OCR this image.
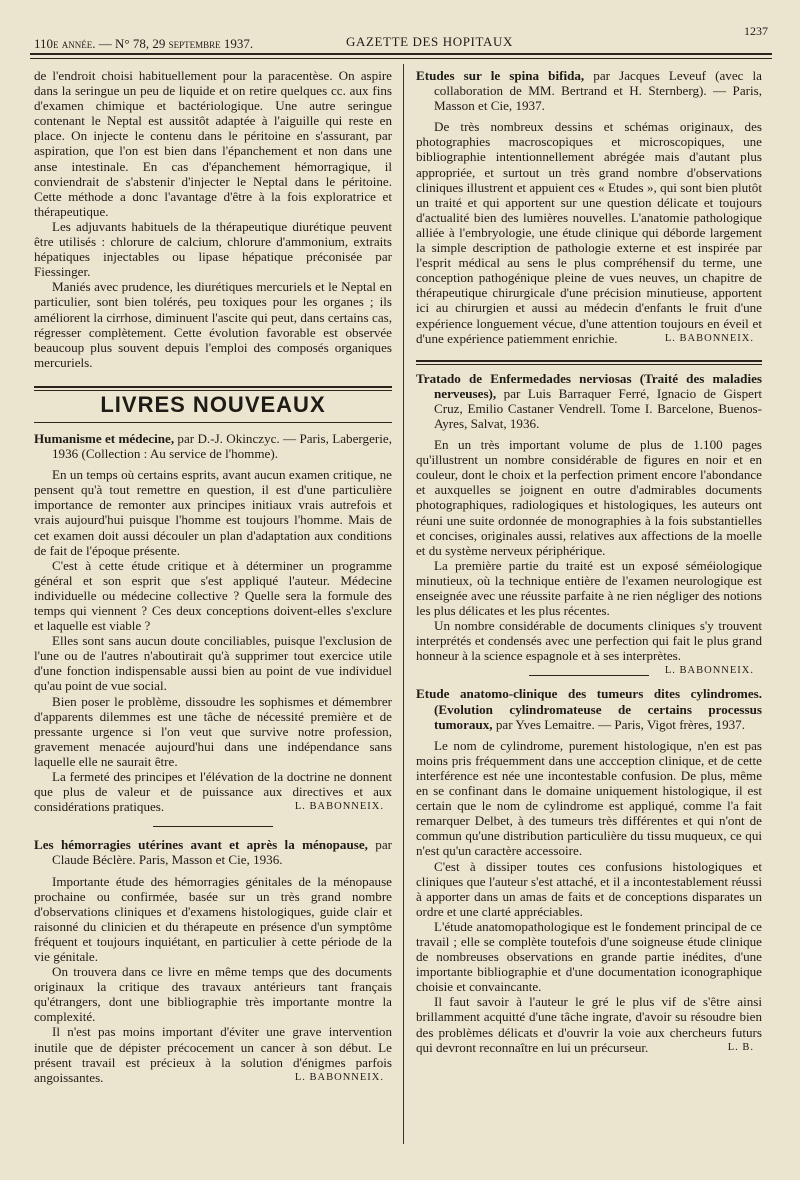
110e année. — N° 78, 29 septembre 1937.	GAZETTE DES HOPITAUX
1237

de l'endroit choisi habituellement pour la paracentèse. On aspire dans la seringue un peu de liquide et on retire quelques cc. aux fins d'examen chimique et bactériologique. Une autre seringue contenant le Neptal est aussitôt adaptée à l'aiguille qui reste en place. On injecte le contenu dans le péritoine en s'assurant, par aspiration, que l'on est bien dans l'épanchement et non dans une anse intestinale. En cas d'épanchement hémorragique, il conviendrait de s'abstenir d'injecter le Neptal dans le péritoine. Cette méthode a donc l'avantage d'être à la fois exploratrice et thérapeutique.

Les adjuvants habituels de la thérapeutique diurétique peuvent être utilisés : chlorure de calcium, chlorure d'ammonium, extraits hépatiques injectables ou lipase hépatique préconisée par Fiessinger.

Maniés avec prudence, les diurétiques mercuriels et le Neptal en particulier, sont bien tolérés, peu toxiques pour les organes ; ils améliorent la cirrhose, diminuent l'ascite qui peut, dans certains cas, régresser complètement. Cette évolution favorable est observée beaucoup plus souvent depuis l'emploi des composés organiques mercuriels.

LIVRES NOUVEAUX

Humanisme et médecine, par D.-J. Okinczyc. — Paris, Labergerie, 1936 (Collection : Au service de l'homme).

En un temps où certains esprits, avant aucun examen critique, ne pensent qu'à tout remettre en question, il est d'une particulière importance de remonter aux principes initiaux vrais autrefois et vrais aujourd'hui puisque l'homme est toujours l'homme. Mais de cet examen doit aussi découler un plan d'adaptation aux conditions de fait de l'époque présente.

C'est à cette étude critique et à déterminer un programme général et son esprit que s'est appliqué l'auteur. Médecine individuelle ou médecine collective ? Quelle sera la formule des temps qui viennent ? Ces deux conceptions doivent-elles s'exclure et laquelle est viable ?

Elles sont sans aucun doute conciliables, puisque l'exclusion de l'une ou de l'autres n'aboutirait qu'à supprimer tout exercice utile d'une fonction indispensable aussi bien au point de vue individuel qu'au point de vue social.

Bien poser le problème, dissoudre les sophismes et démembrer d'apparents dilemmes est une tâche de nécessité première et de pressante urgence si l'on veut que survive notre profession, gravement menacée aujourd'hui dans une indépendance sans laquelle elle ne saurait être.

La fermeté des principes et l'élévation de la doctrine ne donnent que plus de valeur et de puissance aux directives et aux considérations pratiques.	L. BABONNEIX.

Les hémorragies utérines avant et après la ménopause, par Claude Béclère. Paris, Masson et Cie, 1936.

Importante étude des hémorragies génitales de la ménopause prochaine ou confirmée, basée sur un très grand nombre d'observations cliniques et d'examens histologiques, guide clair et raisonné du clinicien et du thérapeute en présence d'un symptôme fréquent et toujours inquiétant, en particulier à cette période de la vie génitale.

On trouvera dans ce livre en même temps que des documents originaux la critique des travaux antérieurs tant français qu'étrangers, dont une bibliographie très importante montre la complexité.

Il n'est pas moins important d'éviter une grave intervention inutile que de dépister précocement un cancer à son début. Le présent travail est précieux à la solution d'énigmes parfois angoissantes.	L. BABONNEIX.

Etudes sur le spina bifida, par Jacques Leveuf (avec la collaboration de MM. Bertrand et H. Sternberg). — Paris, Masson et Cie, 1937.

De très nombreux dessins et schémas originaux, des photographies macroscopiques et microscopiques, une bibliographie intentionnellement abrégée mais d'autant plus appropriée, et surtout un très grand nombre d'observations cliniques illustrent et appuient ces « Etudes », qui sont bien plutôt un traité et qui apportent sur une question délicate et toujours d'actualité bien des lumières nouvelles. L'anatomie pathologique alliée à l'embryologie, une étude clinique qui déborde largement la simple description de pathologie externe et est inspirée par l'esprit médical au sens le plus compréhensif du terme, une conception pathogénique pleine de vues neuves, un chapitre de thérapeutique chirurgicale d'une précision minutieuse, apportent ici au chirurgien et aussi au médecin d'enfants le fruit d'une expérience longuement vécue, d'une attention toujours en éveil et d'une expérience patiemment enrichie.	L. BABONNEIX.

Tratado de Enfermedades nerviosas (Traité des maladies nerveuses), par Luis Barraquer Ferré, Ignacio de Gispert Cruz, Emilio Castaner Vendrell. Tome I. Barcelone, Buenos-Ayres, Salvat, 1936.

En un très important volume de plus de 1.100 pages qu'illustrent un nombre considérable de figures en noir et en couleur, dont le choix et la perfection priment encore l'abondance et auxquelles se joignent en outre d'admirables documents photographiques, radiologiques et histologiques, les auteurs ont réuni une suite ordonnée de monographies à la fois substantielles et concises, originales aussi, relatives aux affections de la moelle et du système nerveux périphérique.

La première partie du traité est un exposé séméiologique minutieux, où la technique entière de l'examen neurologique est enseignée avec une réussite parfaite à ne rien négliger des notions les plus délicates et les plus récentes.

Un nombre considérable de documents cliniques s'y trouvent interprétés et condensés avec une perfection qui fait le plus grand honneur à la science espagnole et à ses interprètes.
L. BABONNEIX.

Etude anatomo-clinique des tumeurs dites cylindromes. (Evolution cylindromateuse de certains processus tumoraux, par Yves Lemaitre. — Paris, Vigot frères, 1937.

Le nom de cylindrome, purement histologique, n'en est pas moins pris fréquemment dans une accception clinique, et de cette interférence est née une incontestable confusion. De plus, même en se confinant dans le domaine uniquement histologique, il est certain que le nom de cylindrome est appliqué, comme l'a fait remarquer Delbet, à des tumeurs très différentes et qui n'ont de commun qu'une distribution particulière du tissu muqueux, ce qui n'est qu'un caractère accessoire.

C'est à dissiper toutes ces confusions histologiques et cliniques que l'auteur s'est attaché, et il a incontestablement réussi à apporter dans un amas de faits et de conceptions disparates un ordre et une clarté appréciables.

L'étude anatomopathologique est le fondement principal de ce travail ; elle se complète toutefois d'une soigneuse étude clinique de nombreuses observations en grande partie inédites, d'une importante bibliographie et d'une documentation iconographique choisie et convaincante.

Il faut savoir à l'auteur le gré le plus vif de s'être ainsi brillamment acquitté d'une tâche ingrate, d'avoir su résoudre bien des problèmes délicats et d'ouvrir la voie aux chercheurs futurs qui devront reconnaître en lui un précurseur.	L. B.
